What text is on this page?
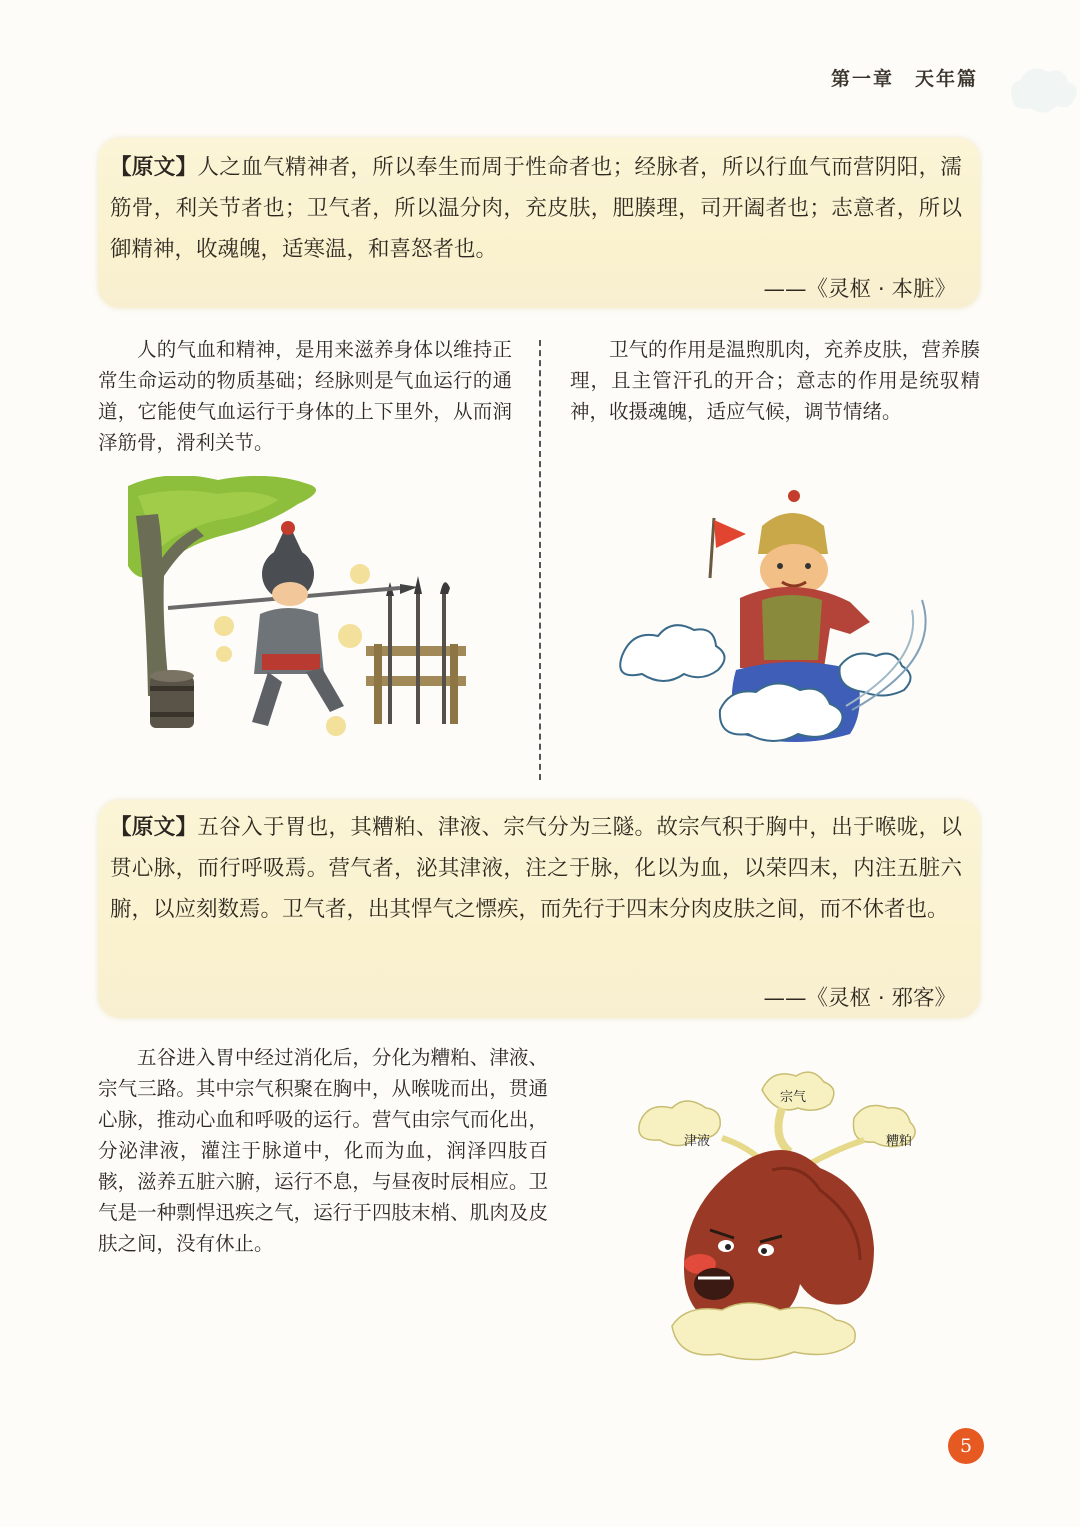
第一章　天年篇
【原文】人之血气精神者，所以奉生而周于性命者也；经脉者，所以行血气而营阴阳，濡筋骨，利关节者也；卫气者，所以温分肉，充皮肤，肥腠理，司开阖者也；志意者，所以御精神，收魂魄，适寒温，和喜怒者也。
——《灵枢 · 本脏》
人的气血和精神，是用来滋养身体以维持正常生命运动的物质基础；经脉则是气血运行的通道，它能使气血运行于身体的上下里外，从而润泽筋骨，滑利关节。
卫气的作用是温煦肌肉，充养皮肤，营养腠理，且主管汗孔的开合；意志的作用是统驭精神，收摄魂魄，适应气候，调节情绪。
【原文】五谷入于胃也，其糟粕、津液、宗气分为三隧。故宗气积于胸中，出于喉咙，以贯心脉，而行呼吸焉。营气者，泌其津液，注之于脉，化以为血，以荣四末，内注五脏六腑，以应刻数焉。卫气者，出其悍气之慓疾，而先行于四末分肉皮肤之间，而不休者也。
——《灵枢 · 邪客》
五谷进入胃中经过消化后，分化为糟粕、津液、宗气三路。其中宗气积聚在胸中，从喉咙而出，贯通心脉，推动心血和呼吸的运行。营气由宗气而化出，分泌津液，灌注于脉道中，化而为血，润泽四肢百骸，滋养五脏六腑，运行不息，与昼夜时辰相应。卫气是一种剽悍迅疾之气，运行于四肢末梢、肌肉及皮肤之间，没有休止。
宗气
津液	糟粕
5
